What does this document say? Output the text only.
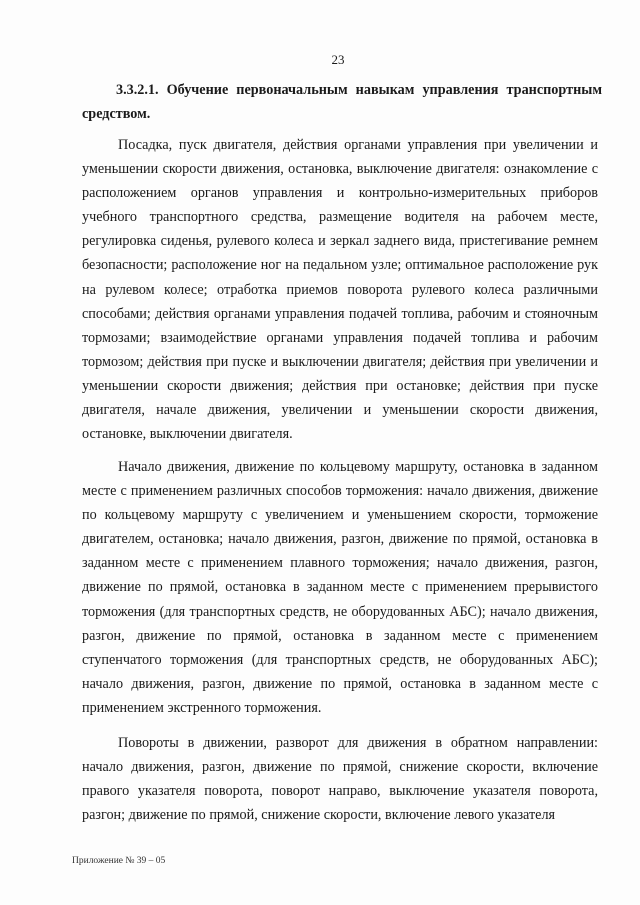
23
3.3.2.1. Обучение первоначальным навыкам управления транспортным средством.

Посадка, пуск двигателя, действия органами управления при увеличении и уменьшении скорости движения, остановка, выключение двигателя: ознакомление с расположением органов управления и контрольно-измерительных приборов учебного транспортного средства, размещение водителя на рабочем месте, регулировка сиденья, рулевого колеса и зеркал заднего вида, пристегивание ремнем безопасности; расположение ног на педальном узле; оптимальное расположение рук на рулевом колесе; отработка приемов поворота рулевого колеса различными способами; действия органами управления подачей топлива, рабочим и стояночным тормозами; взаимодействие органами управления подачей топлива и рабочим тормозом; действия при пуске и выключении двигателя; действия при увеличении и уменьшении скорости движения; действия при остановке; действия при пуске двигателя, начале движения, увеличении и уменьшении скорости движения, остановке, выключении двигателя.

Начало движения, движение по кольцевому маршруту, остановка в заданном месте с применением различных способов торможения: начало движения, движение по кольцевому маршруту с увеличением и уменьшением скорости, торможение двигателем, остановка; начало движения, разгон, движение по прямой, остановка в заданном месте с применением плавного торможения; начало движения, разгон, движение по прямой, остановка в заданном месте с применением прерывистого торможения (для транспортных средств, не оборудованных АБС); начало движения, разгон, движение по прямой, остановка в заданном месте с применением ступенчатого торможения (для транспортных средств, не оборудованных АБС); начало движения, разгон, движение по прямой, остановка в заданном месте с применением экстренного торможения.

Повороты в движении, разворот для движения в обратном направлении: начало движения, разгон, движение по прямой, снижение скорости, включение правого указателя поворота, поворот направо, выключение указателя поворота, разгон; движение по прямой, снижение скорости, включение левого указателя

Приложение № 39 – 05
